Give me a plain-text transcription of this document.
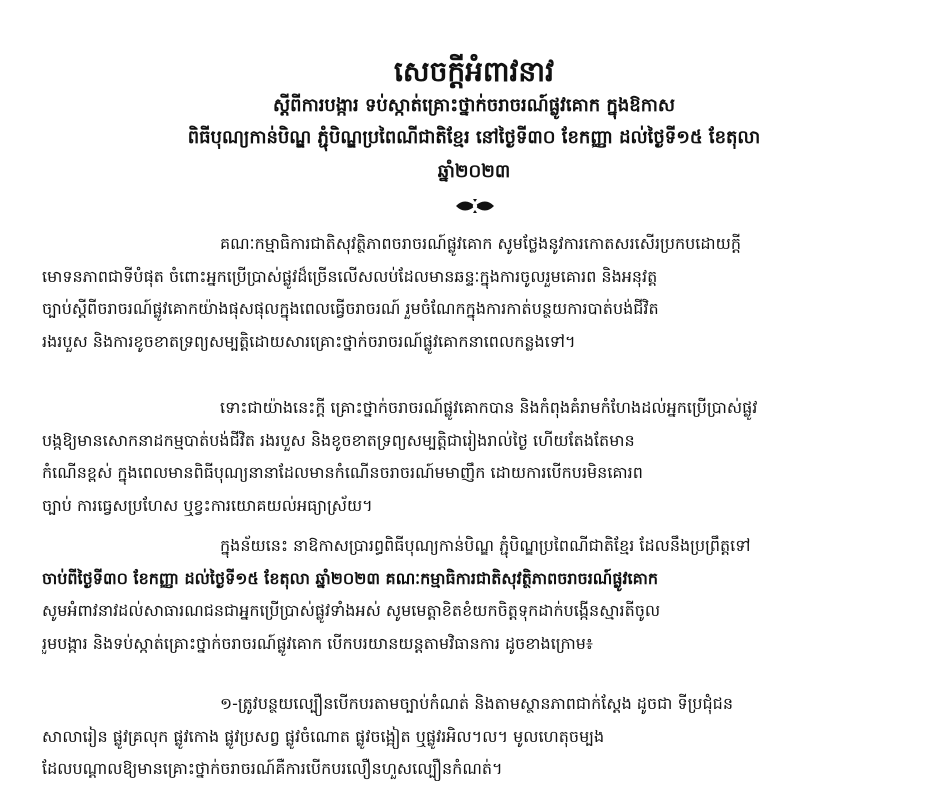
សេចក្តីអំពាវនាវ
ស្តីពីការបង្ការ ទប់ស្កាត់គ្រោះថ្នាក់ចរាចរណ៍ផ្លូវគោក ក្នុងឱកាស
ពិធីបុណ្យកាន់បិណ្ឌ ភ្ជុំបិណ្ឌប្រពៃណីជាតិខ្មែរ នៅថ្ងៃទី៣០ ខែកញ្ញា ដល់ថ្ងៃទី១៥ ខែតុលា
ឆ្នាំ២០២៣
គណៈកម្មាធិការជាតិសុវត្ថិភាពចរាចរណ៍ផ្លូវគោក សូមថ្លែងនូវការកោតសរសើរប្រកបដោយក្តី
មោទនភាពជាទីបំផុត ចំពោះអ្នកប្រើប្រាស់ផ្លូវដ៏ច្រើនលើសលប់ដែលមានឆន្ទៈក្នុងការចូលរួមគោរព និងអនុវត្ត
ច្បាប់ស្តីពីចរាចរណ៍ផ្លូវគោកយ៉ាងផុសផុលក្នុងពេលធ្វើចរាចរណ៍ រួមចំណែកក្នុងការកាត់បន្ថយការបាត់បង់ជីវិត
រងរបួស និងការខូចខាតទ្រព្យសម្បត្តិដោយសារគ្រោះថ្នាក់ចរាចរណ៍ផ្លូវគោកនាពេលកន្លងទៅ។
ទោះជាយ៉ាងនេះក្តី គ្រោះថ្នាក់ចរាចរណ៍ផ្លូវគោកបាន និងកំពុងគំរាមកំហែងដល់អ្នកប្រើប្រាស់ផ្លូវ
បង្កឱ្យមានសោកនាដកម្មបាត់បង់ជីវិត រងរបួស និងខូចខាតទ្រព្យសម្បត្តិជារៀងរាល់ថ្ងៃ ហើយតែងតែមាន
កំណើនខ្ពស់ ក្នុងពេលមានពិធីបុណ្យនានាដែលមានកំណើនចរាចរណ៍មមាញឹក ដោយការបើកបរមិនគោរព
ច្បាប់ ការធ្វេសប្រហែស ឬខ្វះការយោគយល់អធ្យាស្រ័យ។
ក្នុងន័យនេះ នាឱកាសប្រារព្ធពិធីបុណ្យកាន់បិណ្ឌ ភ្ជុំបិណ្ឌប្រពៃណីជាតិខ្មែរ ដែលនឹងប្រព្រឹត្តទៅ
ចាប់ពីថ្ងៃទី៣០ ខែកញ្ញា ដល់ថ្ងៃទី១៥ ខែតុលា ឆ្នាំ២០២៣ គណៈកម្មាធិការជាតិសុវត្ថិភាពចរាចរណ៍ផ្លូវគោក
សូមអំពាវនាវដល់សាធារណជនជាអ្នកប្រើប្រាស់ផ្លូវទាំងអស់ សូមមេត្តាខិតខំយកចិត្តទុកដាក់បង្កើនស្មារតីចូល
រួមបង្ការ និងទប់ស្កាត់គ្រោះថ្នាក់ចរាចរណ៍ផ្លូវគោក បើកបរយានយន្តតាមវិធានការ ដូចខាងក្រោម៖
១-ត្រូវបន្ថយល្បឿនបើកបរតាមច្បាប់កំណត់ និងតាមស្ថានភាពជាក់ស្តែង ដូចជា ទីប្រជុំជន
សាលារៀន ផ្លូវគ្រលុក ផ្លូវកោង ផ្លូវប្រសព្វ ផ្លូវចំណោត ផ្លូវចង្អៀត ឬផ្លូវរអិល។ល។ មូលហេតុចម្បង
ដែលបណ្តាលឱ្យមានគ្រោះថ្នាក់ចរាចរណ៍គឺការបើកបរលឿនហួសល្បឿនកំណត់។
